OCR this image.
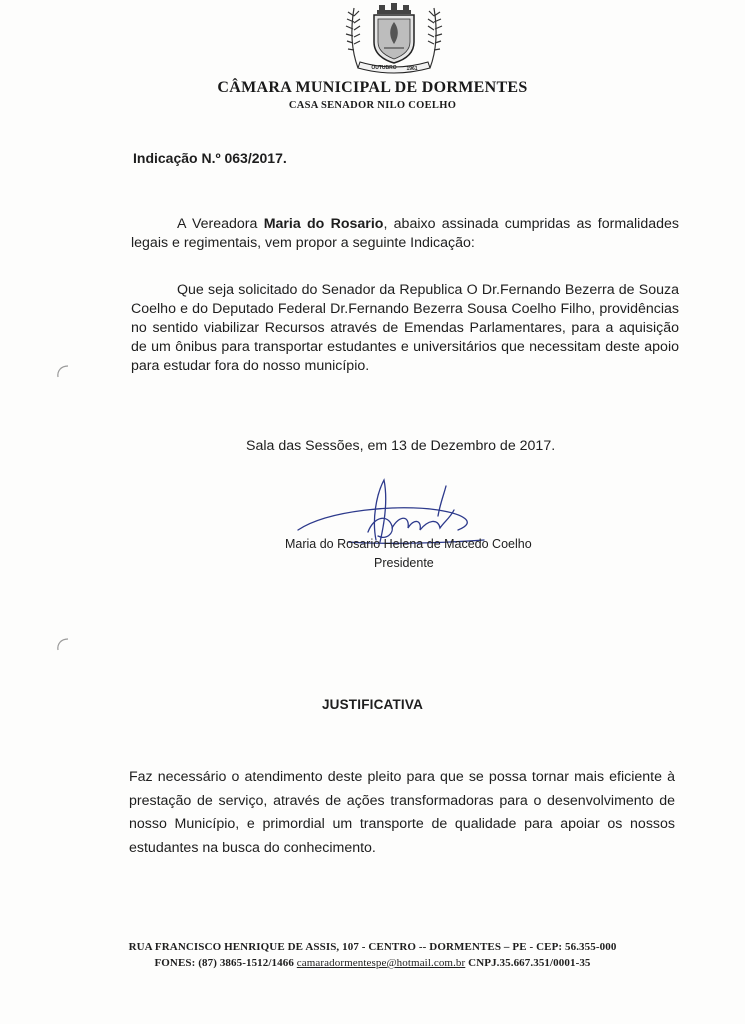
OUTUBRO 1961
CÂMARA MUNICIPAL DE DORMENTES
CASA SENADOR NILO COELHO
Indicação N.º 063/2017.
A Vereadora Maria do Rosario, abaixo assinada cumpridas as formalidades legais e regimentais, vem propor a seguinte Indicação:
Que seja solicitado do Senador da Republica O Dr.Fernando Bezerra de Souza Coelho e do Deputado Federal Dr.Fernando Bezerra Sousa Coelho Filho, providências no sentido viabilizar Recursos através de Emendas Parlamentares, para a aquisição de um ônibus para transportar estudantes e universitários que necessitam deste apoio para estudar fora do nosso município.
Sala das Sessões, em 13 de Dezembro de 2017.
Maria do Rosario Helena de Macedo Coelho
Presidente
JUSTIFICATIVA
Faz necessário o atendimento deste pleito para que se possa tornar mais eficiente à prestação de serviço, através de ações transformadoras para o desenvolvimento de nosso Município, e primordial um transporte de qualidade para apoiar os nossos estudantes na busca do conhecimento.
RUA FRANCISCO HENRIQUE DE ASSIS, 107 - CENTRO -- DORMENTES – PE - CEP: 56.355-000
FONES: (87) 3865-1512/1466 camaradormentespe@hotmail.com.br CNPJ.35.667.351/0001-35
